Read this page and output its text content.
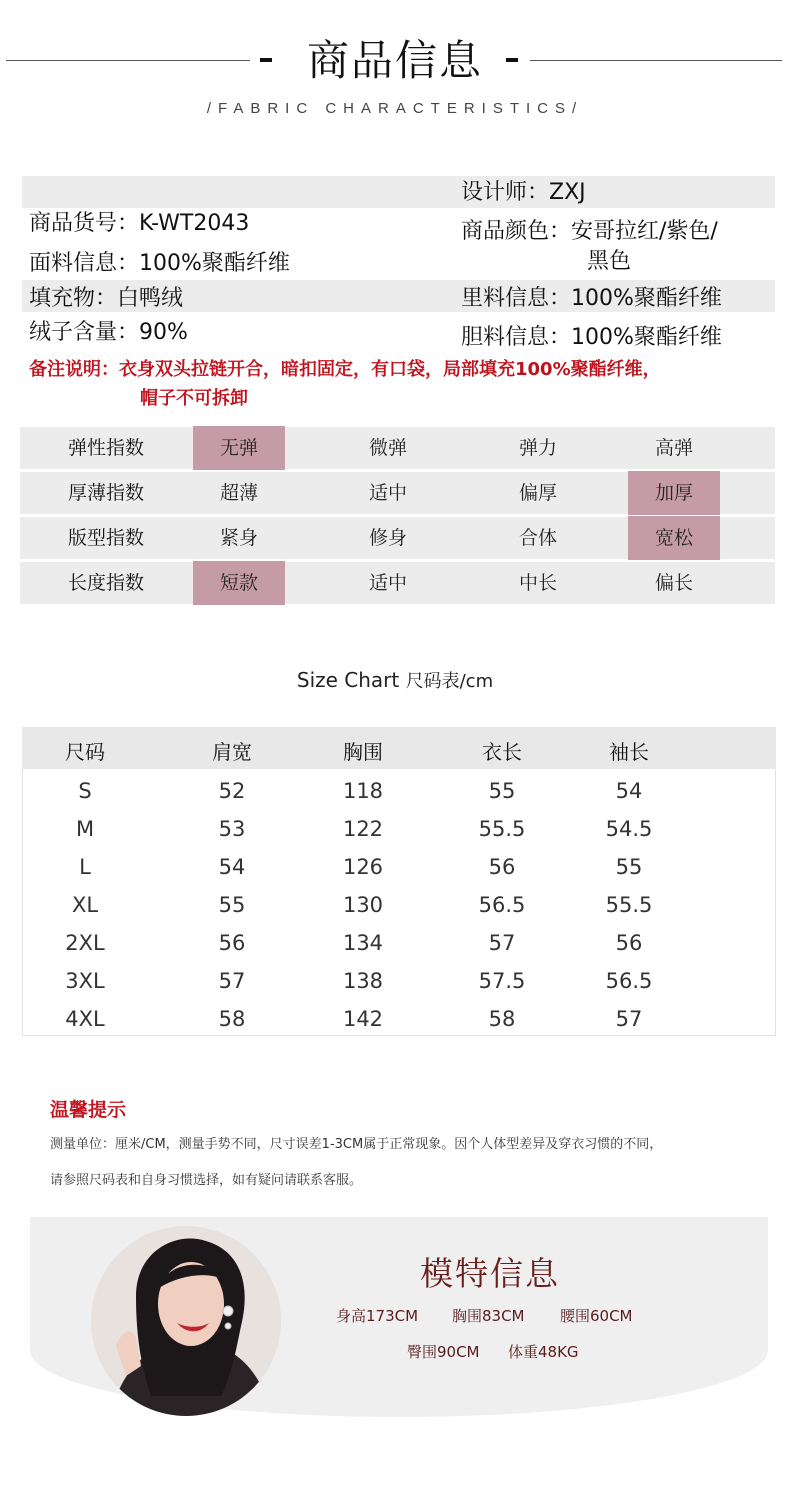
商品信息
/FABRIC CHARACTERISTICS/
商品货号：K-WT2043
面料信息：100%聚酯纤维
填充物：白鸭绒
绒子含量：90%
设计师：ZXJ
商品颜色：安哥拉红/紫色/
黑色
里料信息：100%聚酯纤维
胆料信息：100%聚酯纤维
备注说明：衣身双头拉链开合，暗扣固定，有口袋，局部填充100%聚酯纤维，
帽子不可拆卸
弹性指数	无弹	微弹	弹力	高弹
厚薄指数	超薄	适中	偏厚	加厚
版型指数	紧身	修身	合体	宽松
长度指数	短款	适中	中长	偏长
Size Chart 尺码表/cm
尺码	肩宽	胸围	衣长	袖长
S	52	118	55	54
M	53	122	55.5	54.5
L	54	126	56	55
XL	55	130	56.5	55.5
2XL	56	134	57	56
3XL	57	138	57.5	56.5
4XL	58	142	58	57
温馨提示
测量单位：厘米/CM，测量手势不同，尺寸误差1-3CM属于正常现象。因个人体型差异及穿衣习惯的不同，
请参照尺码表和自身习惯选择，如有疑问请联系客服。
模特信息
身高173CM 胸围83CM 腰围60CM
臀围90CM 体重48KG
